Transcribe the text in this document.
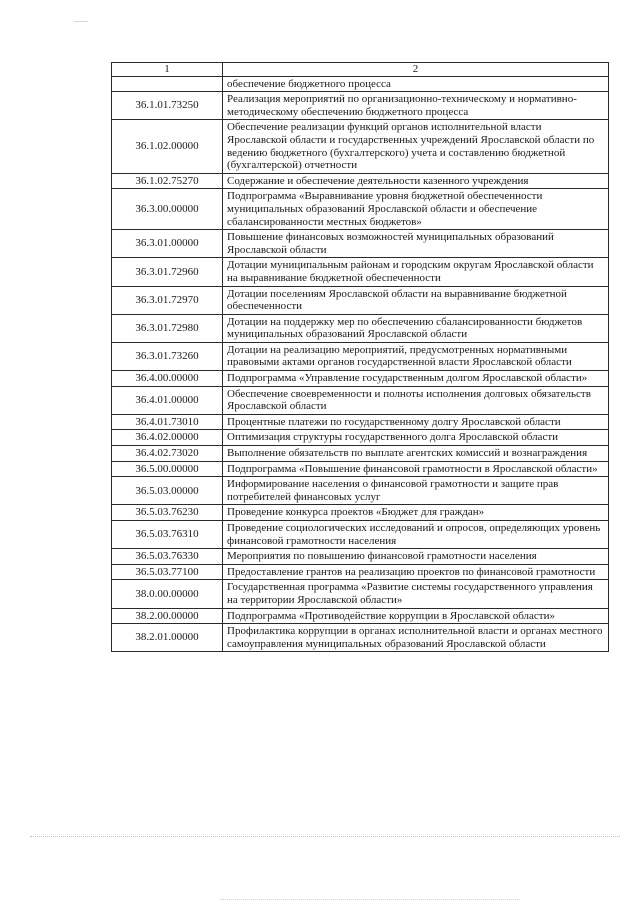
1	2
	обеспечение бюджетного процесса
36.1.01.73250	Реализация мероприятий по организационно-техническому и нормативно-методическому обеспечению бюджетного процесса
36.1.02.00000	Обеспечение реализации функций органов исполнительной власти Ярославской области и государственных учреждений Ярославской области по ведению бюджетного (бухгалтерского) учета и составлению бюджетной (бухгалтерской) отчетности
36.1.02.75270	Содержание и обеспечение деятельности казенного учреждения
36.3.00.00000	Подпрограмма «Выравнивание уровня бюджетной обеспеченности муниципальных образований Ярославской области и обеспечение сбалансированности местных бюджетов»
36.3.01.00000	Повышение финансовых возможностей муниципальных образований Ярославской области
36.3.01.72960	Дотации муниципальным районам и городским округам Ярославской области на выравнивание бюджетной обеспеченности
36.3.01.72970	Дотации поселениям Ярославской области на выравнивание бюджетной обеспеченности
36.3.01.72980	Дотации на поддержку мер по обеспечению сбалансированности бюджетов муниципальных образований Ярославской области
36.3.01.73260	Дотации на реализацию мероприятий, предусмотренных нормативными правовыми актами органов государственной власти Ярославской области
36.4.00.00000	Подпрограмма «Управление государственным долгом Ярославской области»
36.4.01.00000	Обеспечение своевременности и полноты исполнения долговых обязательств Ярославской области
36.4.01.73010	Процентные платежи по государственному долгу Ярославской области
36.4.02.00000	Оптимизация структуры государственного долга Ярославской области
36.4.02.73020	Выполнение обязательств по выплате агентских комиссий и вознаграждения
36.5.00.00000	Подпрограмма «Повышение финансовой грамотности в Ярославской области»
36.5.03.00000	Информирование населения о финансовой грамотности и защите прав потребителей финансовых услуг
36.5.03.76230	Проведение конкурса проектов «Бюджет для граждан»
36.5.03.76310	Проведение социологических исследований и опросов, определяющих уровень финансовой грамотности населения
36.5.03.76330	Мероприятия по повышению финансовой грамотности населения
36.5.03.77100	Предоставление грантов на реализацию проектов по финансовой грамотности
38.0.00.00000	Государственная программа «Развитие системы государственного управления на территории Ярославской области»
38.2.00.00000	Подпрограмма «Противодействие коррупции в Ярославской области»
38.2.01.00000	Профилактика коррупции в органах исполнительной власти и органах местного самоуправления муниципальных образований Ярославской области
